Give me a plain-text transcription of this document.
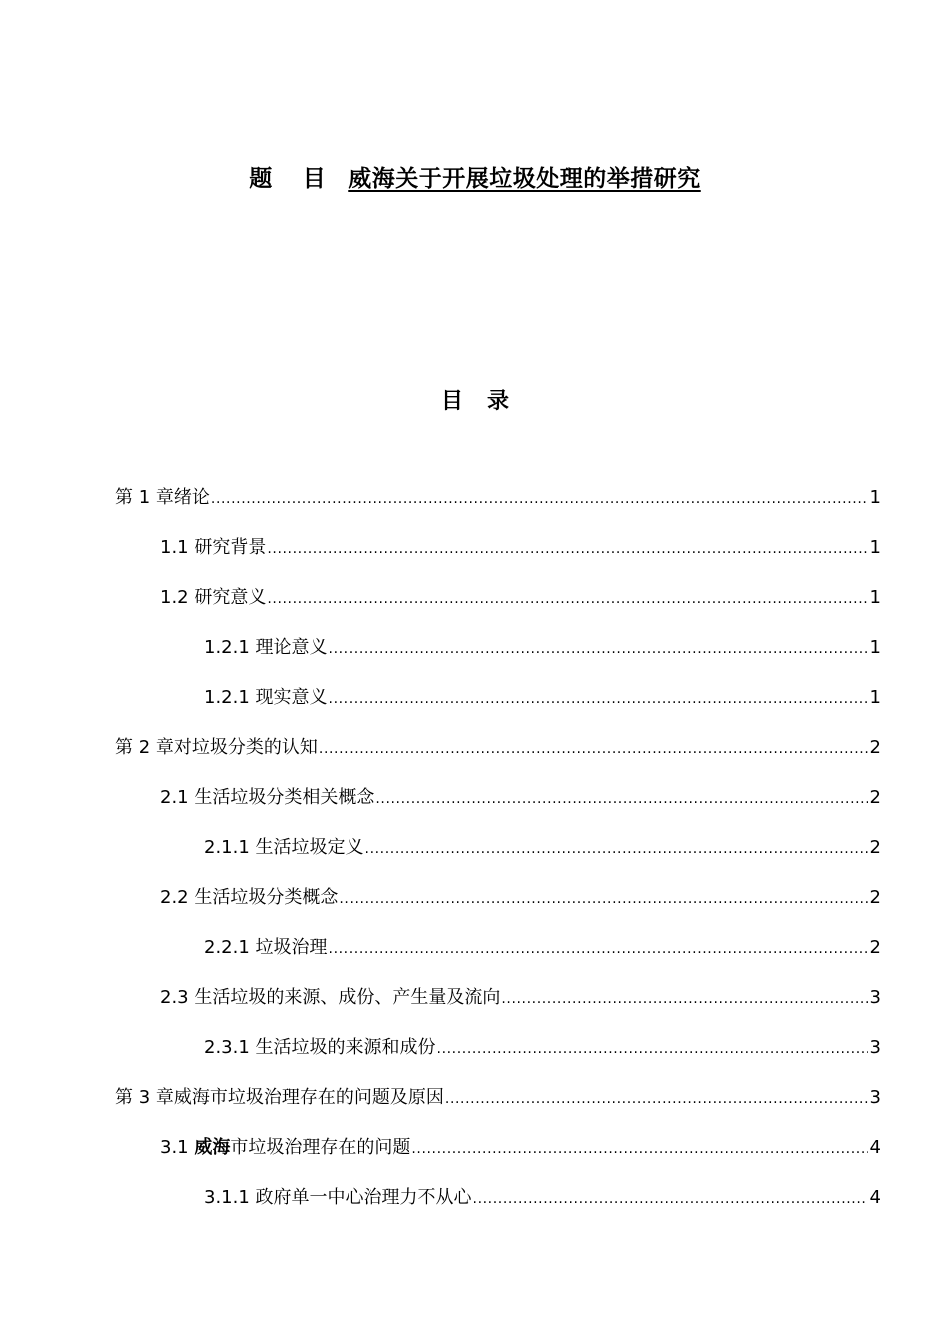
题 目 威海关于开展垃圾处理的举措研究
目 录
第 1 章绪论 .....	1
1.1 研究背景 .....	1
1.2 研究意义 .....	1
1.2.1 理论意义 .....	1
1.2.1 现实意义 .....	1
第 2 章对垃圾分类的认知 .....	2
2.1 生活垃圾分类相关概念 .....	2
2.1.1 生活垃圾定义 .....	2
2.2 生活垃圾分类概念 .....	2
2.2.1 垃圾治理 .....	2
2.3 生活垃圾的来源、成份、产生量及流向 .....	3
2.3.1 生活垃圾的来源和成份 .....	3
第 3 章威海市垃圾治理存在的问题及原因 .....	3
3.1 威海市垃圾治理存在的问题 .....	4
3.1.1 政府单一中心治理力不从心 .....	4
